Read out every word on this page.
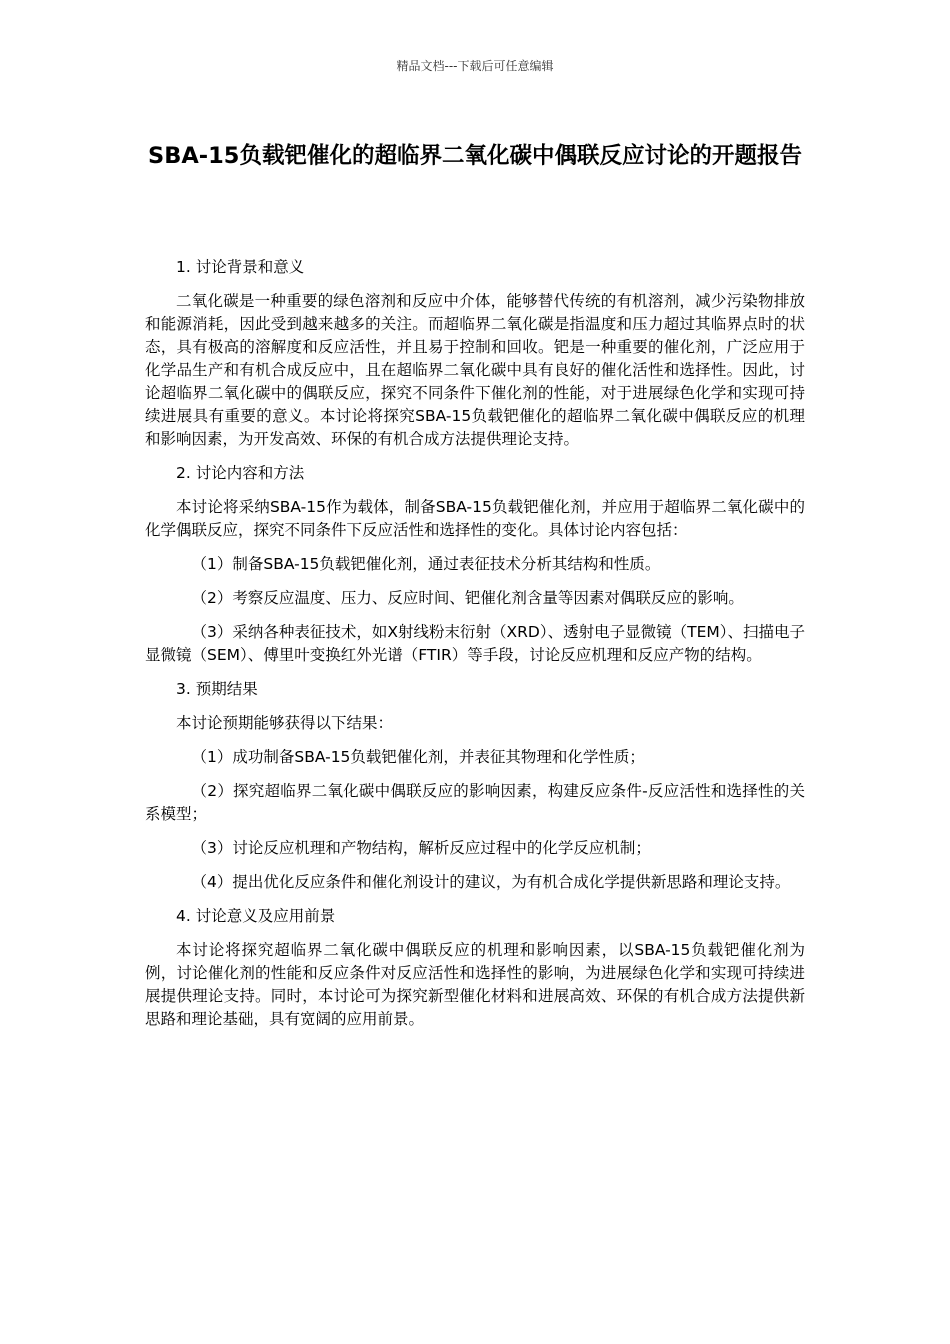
精品文档---下载后可任意编辑
SBA-15负载钯催化的超临界二氧化碳中偶联反应讨论的开题报告

1. 讨论背景和意义

二氧化碳是一种重要的绿色溶剂和反应中介体，能够替代传统的有机溶剂，减少污染物排放和能源消耗，因此受到越来越多的关注。而超临界二氧化碳是指温度和压力超过其临界点时的状态，具有极高的溶解度和反应活性，并且易于控制和回收。钯是一种重要的催化剂，广泛应用于化学品生产和有机合成反应中，且在超临界二氧化碳中具有良好的催化活性和选择性。因此，讨论超临界二氧化碳中的偶联反应，探究不同条件下催化剂的性能，对于进展绿色化学和实现可持续进展具有重要的意义。本讨论将探究SBA-15负载钯催化的超临界二氧化碳中偶联反应的机理和影响因素，为开发高效、环保的有机合成方法提供理论支持。

2. 讨论内容和方法

本讨论将采纳SBA-15作为载体，制备SBA-15负载钯催化剂，并应用于超临界二氧化碳中的化学偶联反应，探究不同条件下反应活性和选择性的变化。具体讨论内容包括：

（1）制备SBA-15负载钯催化剂，通过表征技术分析其结构和性质。

（2）考察反应温度、压力、反应时间、钯催化剂含量等因素对偶联反应的影响。

（3）采纳各种表征技术，如X射线粉末衍射（XRD）、透射电子显微镜（TEM）、扫描电子显微镜（SEM）、傅里叶变换红外光谱（FTIR）等手段，讨论反应机理和反应产物的结构。

3. 预期结果

本讨论预期能够获得以下结果：

（1）成功制备SBA-15负载钯催化剂，并表征其物理和化学性质；

（2）探究超临界二氧化碳中偶联反应的影响因素，构建反应条件-反应活性和选择性的关系模型；

（3）讨论反应机理和产物结构，解析反应过程中的化学反应机制；

（4）提出优化反应条件和催化剂设计的建议，为有机合成化学提供新思路和理论支持。

4. 讨论意义及应用前景

本讨论将探究超临界二氧化碳中偶联反应的机理和影响因素，以SBA-15负载钯催化剂为例，讨论催化剂的性能和反应条件对反应活性和选择性的影响，为进展绿色化学和实现可持续进展提供理论支持。同时，本讨论可为探究新型催化材料和进展高效、环保的有机合成方法提供新思路和理论基础，具有宽阔的应用前景。
